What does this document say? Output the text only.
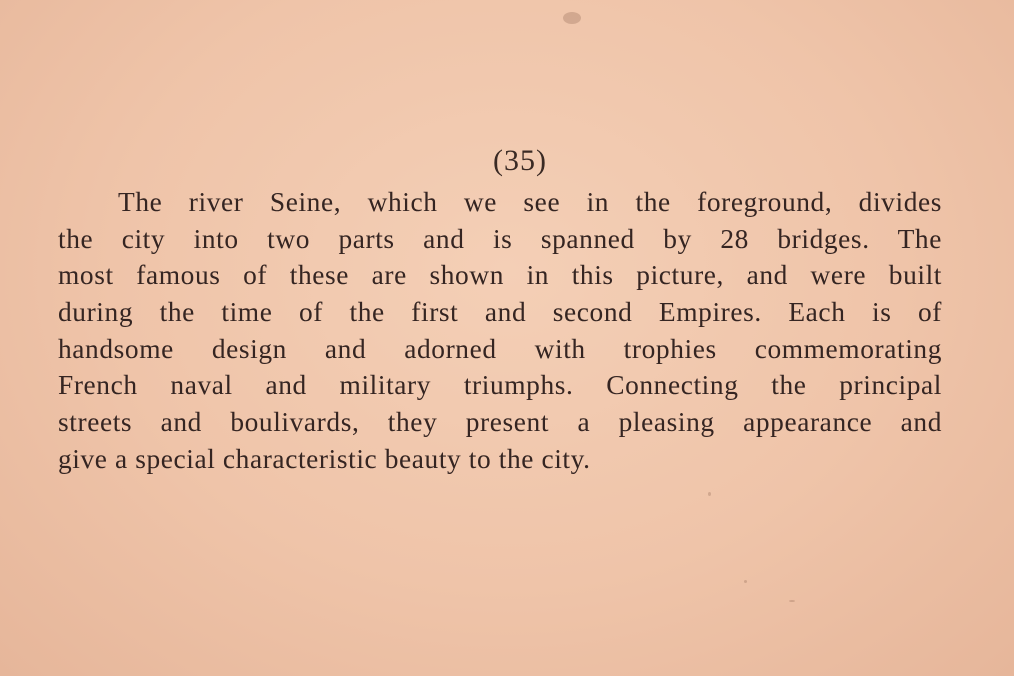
(35)
The river Seine, which we see in the foreground, divides
the city into two parts and is spanned by 28 bridges. The
most famous of these are shown in this picture, and were built
during the time of the first and second Empires. Each is of
handsome design and adorned with trophies commemorating
French naval and military triumphs. Connecting the principal
streets and boulivards, they present a pleasing appearance and
give a special characteristic beauty to the city.
